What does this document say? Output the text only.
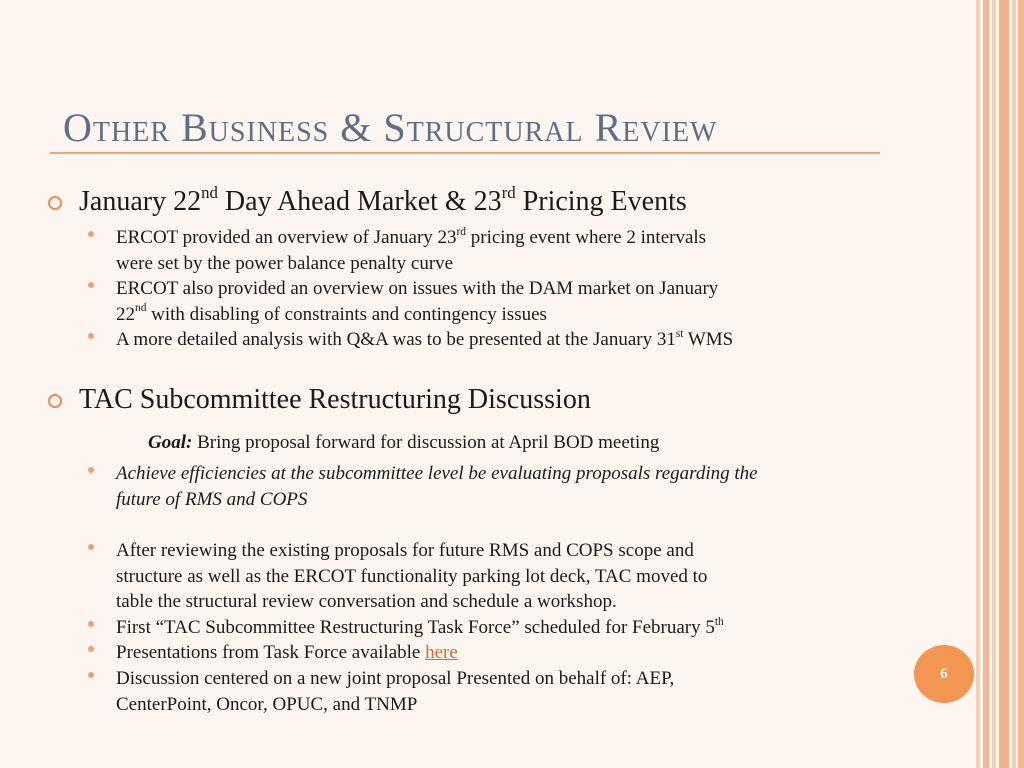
Other Business & Structural Review
January 22nd Day Ahead Market & 23rd Pricing Events
ERCOT provided an overview of January 23rd pricing event where 2 intervals
were set by the power balance penalty curve
ERCOT also provided an overview on issues with the DAM market on January
22nd with disabling of constraints and contingency issues
A more detailed analysis with Q&A was to be presented at the January 31st WMS
TAC Subcommittee Restructuring Discussion
Goal: Bring proposal forward for discussion at April BOD meeting
Achieve efficiencies at the subcommittee level be evaluating proposals regarding the
future of RMS and COPS
After reviewing the existing proposals for future RMS and COPS scope and
structure as well as the ERCOT functionality parking lot deck, TAC moved to
table the structural review conversation and schedule a workshop.
First “TAC Subcommittee Restructuring Task Force” scheduled for February 5th
Presentations from Task Force available here
Discussion centered on a new joint proposal Presented on behalf of: AEP,
CenterPoint, Oncor, OPUC, and TNMP
6
